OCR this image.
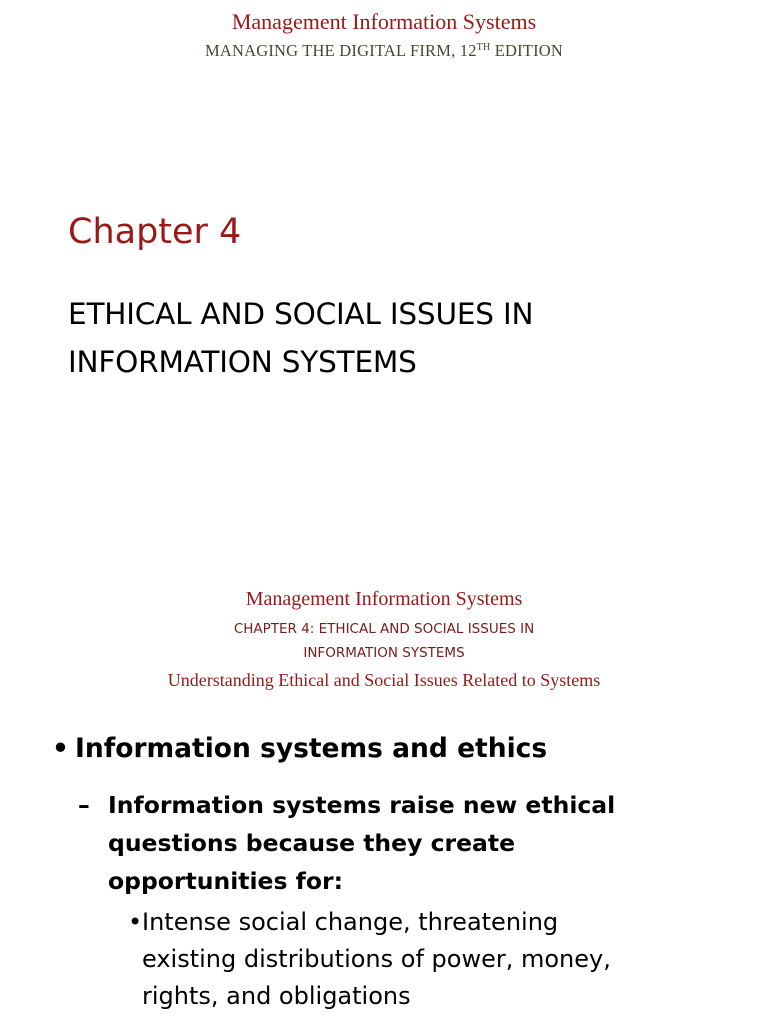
Management Information Systems

MANAGING THE DIGITAL FIRM, 12TH EDITION

Chapter 4

ETHICAL AND SOCIAL ISSUES IN
INFORMATION SYSTEMS

Management Information Systems

CHAPTER 4: ETHICAL AND SOCIAL ISSUES IN
INFORMATION SYSTEMS

Understanding Ethical and Social Issues Related to Systems

• Information systems and ethics
– Information systems raise new ethical
questions because they create
opportunities for:
• Intense social change, threatening
existing distributions of power, money,
rights, and obligations
